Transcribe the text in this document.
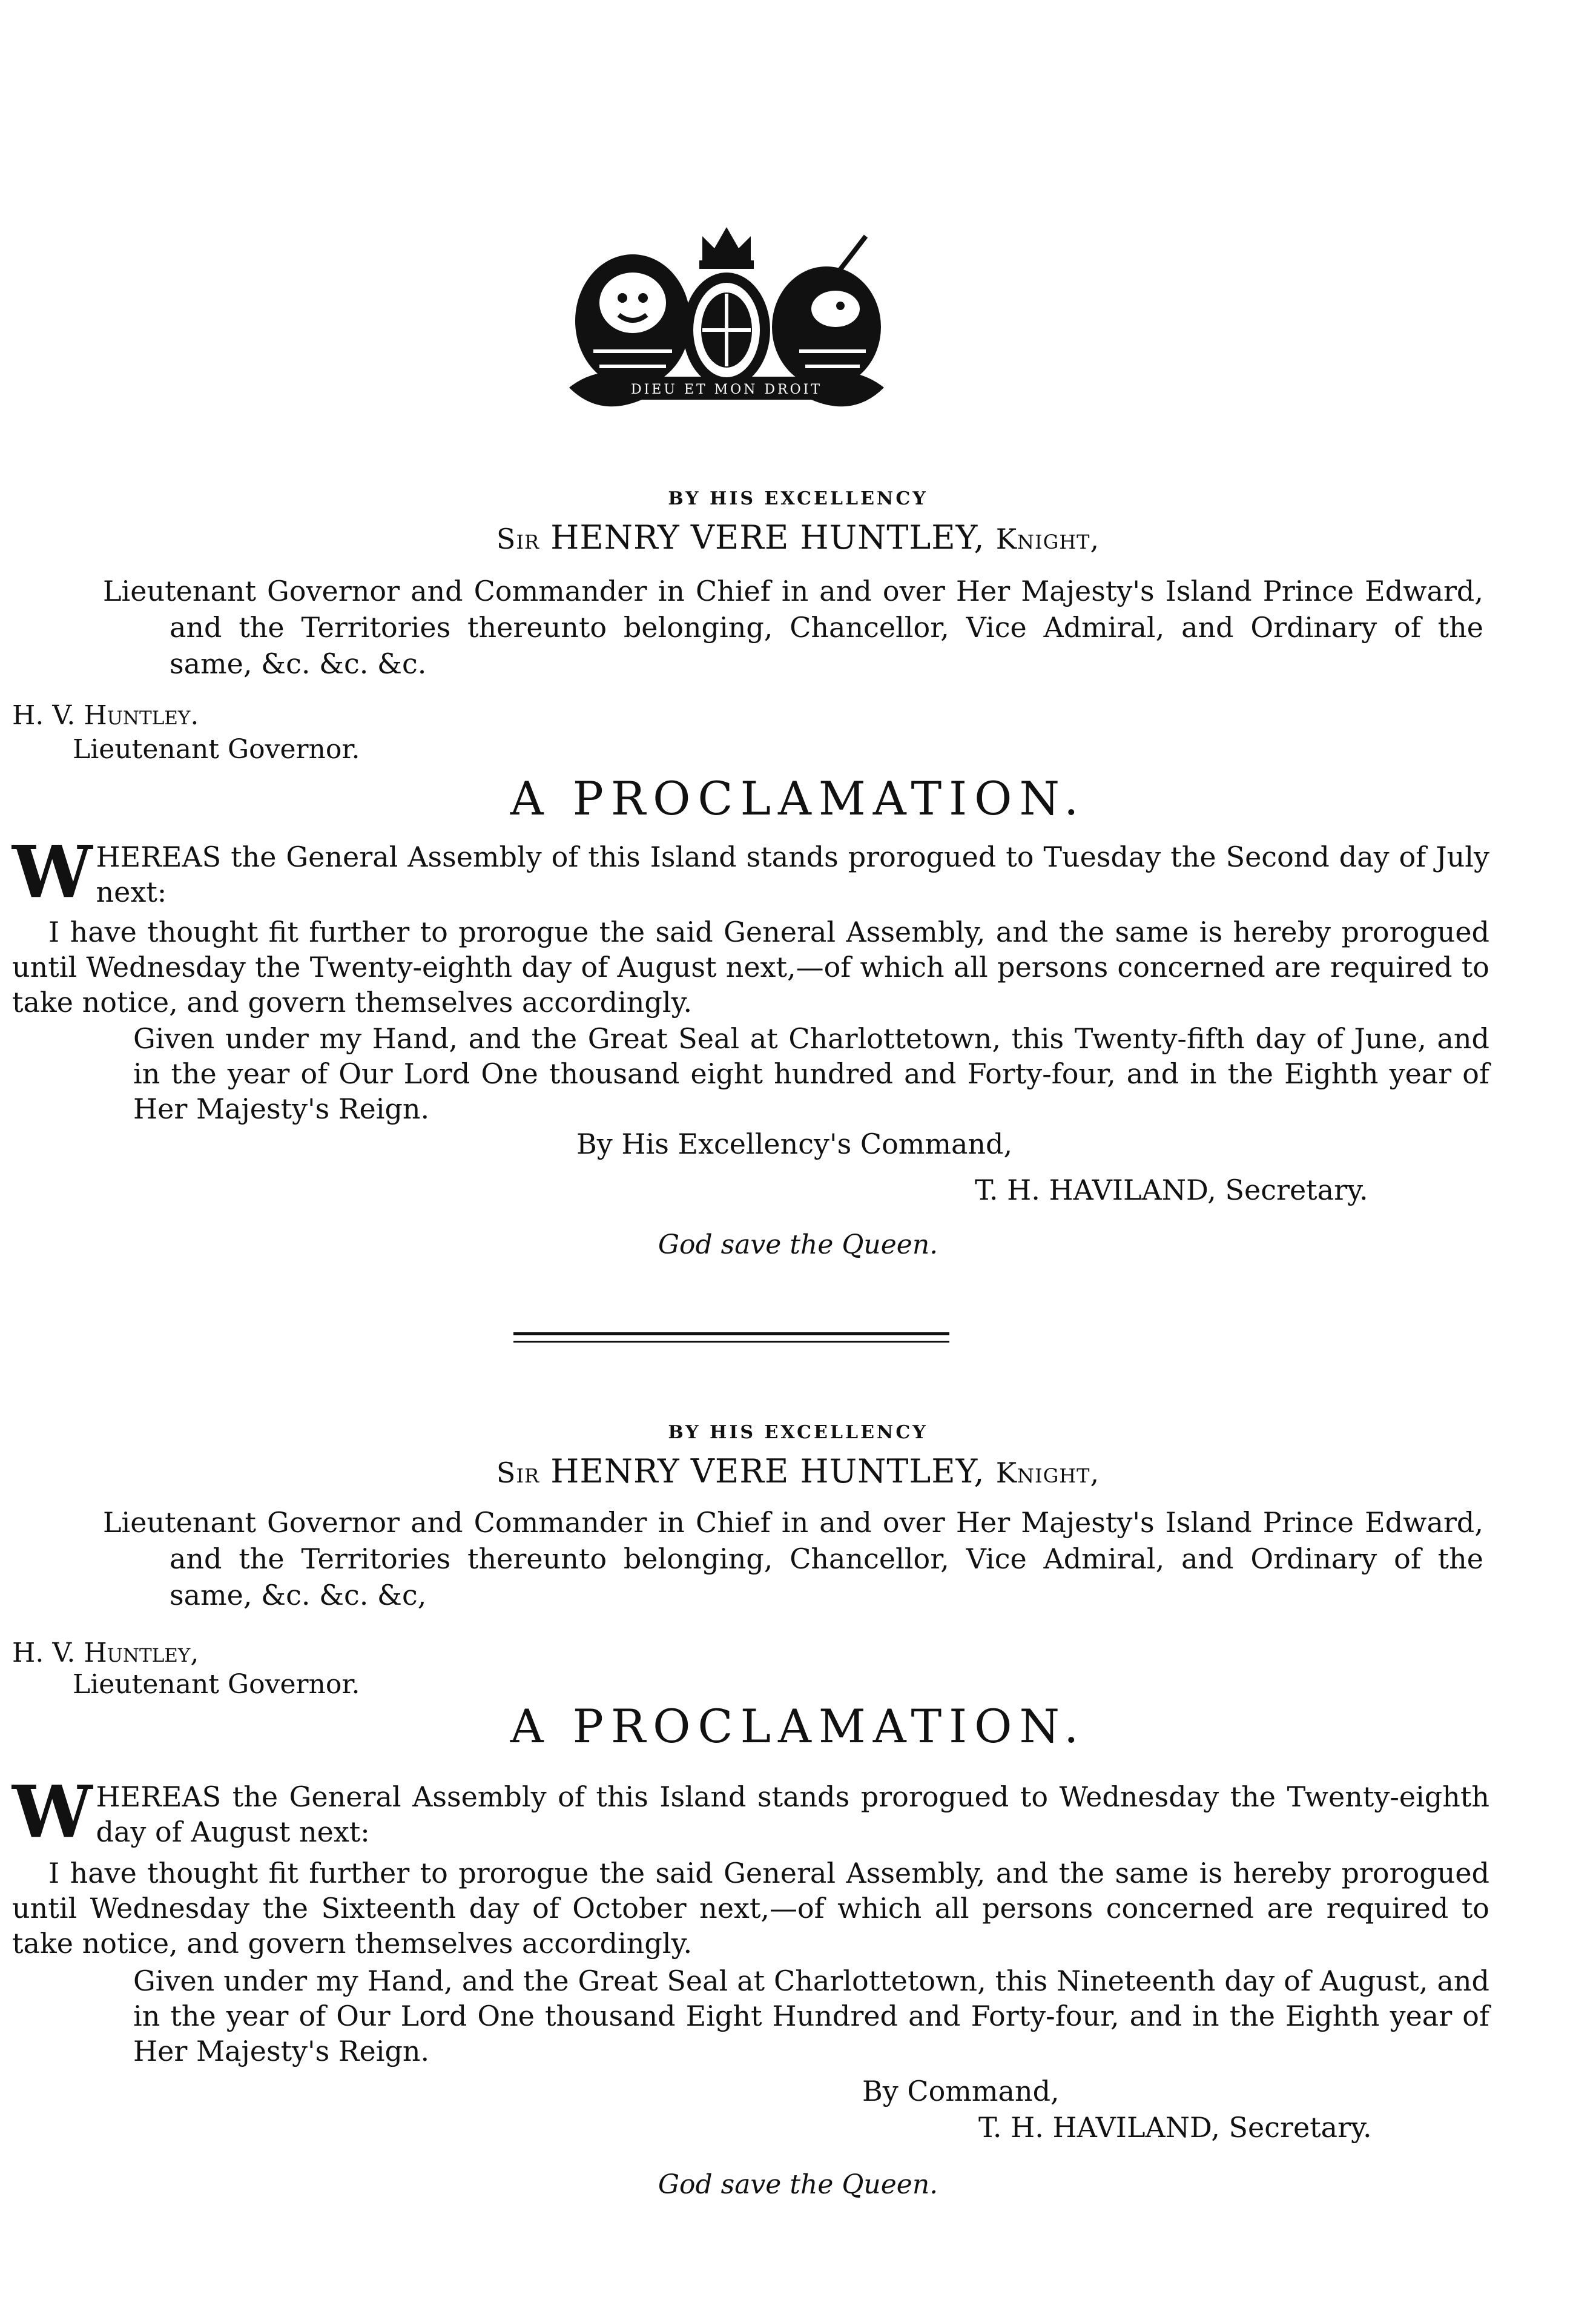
DIEU ET MON DROIT
BY HIS EXCELLENCY
Sir HENRY VERE HUNTLEY, Knight,
Lieutenant Governor and Commander in Chief in and over Her Majesty's Island Prince Edward, and the Territories thereunto belonging, Chancellor, Vice Admiral, and Ordinary of the same, &c. &c. &c.
H. V. Huntley.
Lieutenant Governor.
A PROCLAMATION.
W HEREAS the General Assembly of this Island stands prorogued to Tuesday the Second day of July next:
I have thought fit further to prorogue the said General Assembly, and the same is hereby prorogued until Wednesday the Twenty-eighth day of August next,—of which all persons concerned are required to take notice, and govern themselves accordingly.
Given under my Hand, and the Great Seal at Charlottetown, this Twenty-fifth day of June, and in the year of Our Lord One thousand eight hundred and Forty-four, and in the Eighth year of Her Majesty's Reign.
By His Excellency's Command,
T. H. HAVILAND, Secretary.
God save the Queen.
BY HIS EXCELLENCY
Sir HENRY VERE HUNTLEY, Knight,
Lieutenant Governor and Commander in Chief in and over Her Majesty's Island Prince Edward, and the Territories thereunto belonging, Chancellor, Vice Admiral, and Ordinary of the same, &c. &c. &c,
H. V. Huntley,
Lieutenant Governor.
A PROCLAMATION.
W HEREAS the General Assembly of this Island stands prorogued to Wednesday the Twenty-eighth day of August next:
I have thought fit further to prorogue the said General Assembly, and the same is hereby prorogued until Wednesday the Sixteenth day of October next,—of which all persons concerned are required to take notice, and govern themselves accordingly.
Given under my Hand, and the Great Seal at Charlottetown, this Nineteenth day of August, and in the year of Our Lord One thousand Eight Hundred and Forty-four, and in the Eighth year of Her Majesty's Reign.
By Command,
T. H. HAVILAND, Secretary.
God save the Queen.
